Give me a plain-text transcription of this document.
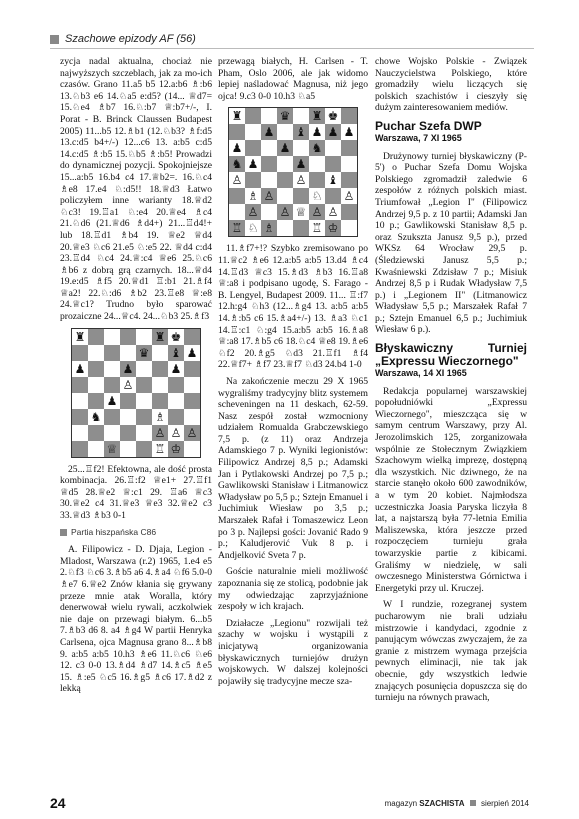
Szachowe epizody AF (56)

zycja nadal aktualna, chociaż nie najwyższych szczeblach, jak za mo-ich czasów. Grano 11.a5 b5 12.a:b6 ♗:b6 13.♘b3 e6 14.♘a5 e:d5? (14... ♕d7= 15.♘e4 ♗b7 16.♘:b7 ♕:b7+/-, I. Porat - B. Brinck Claussen Budapest 2005) 11...b5 12.♗b1 (12.♘b3? ♗f:d5 13.c:d5 b4+/-) 12...c6 13. a:b5 c:d5 14.c:d5 ♗:b5 15.♘b5 ♗:b5! Prowadzi do dynamicznej pozycji. Spokojniejsze 15...a:b5 16.b4 c4 17.♕b2=. 16.♘c4 ♗e8 17.e4 ♘:d5!! 18.♕d3 Łatwo policzyłem inne warianty 18.♕d2 ♘c3! 19.♖a1 ♘:e4 20.♕e4 ♗c4 21.♘d6 (21.♕d6 ♗d4+) 21...♖d4!+ lub 18.♖d1 ♗b4 19. ♕e2 ♕d4 20.♕e3 ♘c6 21.e5 ♘:e5 22. ♕d4 c:d4 23.♖d4 ♘c4 24.♕:c4 ♕e6 25.♘c6 ♗b6 z dobrą grą czarnych. 18...♕d4 19.e:d5 ♗f5 20.♕d1 ♖:b1 21.♗f4 ♕a2! 22.♘:d6 ♗b2 23.♖e8 ♕:e8 24.♕c1? Trudno było sparować prozaiczne 24...♕c4. 24...♘b3 25.♗f3

♜	♜ ♚
♛ ♝ ♟
♟	♟	♟
♙
♟
♞	♗
♙ ♙ ♙
♕	♖ ♔

25...♖f2! Efektowna, ale dość prosta kombinacja. 26.♖:f2 ♕e1+ 27.♖f1 ♕d5 28.♕e2 ♕:c1 29. ♖a6 ♕c3 30.♕e2 c4 31.♕e3 ♕e3 32.♕e2 c3 33.♕d3 ♗b3 0-1

Partia hiszpańska C86

A. Filipowicz - D. Djaja, Legion - Mladost, Warszawa (r.2) 1965, 1.e4 e5 2.♘f3 ♘c6 3.♗b5 a6 4.♗a4 ♘f6 5.0-0 ♗e7 6.♕e2 Znów kłania się grywany przeze mnie atak Woralla, który denerwował wielu rywali, aczkolwiek nie daje on przewagi białym. 6...b5 7.♗b3 d6 8. a4 ♗g4 W partii Henryka Carlsena, ojca Magnusa grano 8...♗b8 9. a:b5 a:b5 10.h3 ♗e6 11.♘c6 ♘e6 12. c3 0-0 13.♗d4 ♗d7 14.♗c5 ♗e5 15. ♗:e5 ♘c5 16.♗g5 ♗c6 17.♗d2 z lekką

przewagą białych, H. Carlsen - T. Pham, Oslo 2006, ale jak widomo lepiej naśladować Magnusa, niż jego ojca! 9.c3 0-0 10.h3 ♘a5

♜	♛ ♜ ♚
♟ ♝ ♟ ♟ ♟
♟	♟ ♞
♞ ♟	♟
♙	♙ ♝
♗ ♙	♘ ♙
♙ ♙ ♕ ♙ ♙
♖ ♘ ♗	♖ ♔

11.♗f7+!? Szybko zremisowano po 11.♕c2 ♗e6 12.a:b5 a:b5 13.d4 ♗c4 14.♖d3 ♕c3 15.♗d3 ♗b3 16.♖a8 ♕:a8 i podpisano ugodę, S. Farago - B. Lengyel, Budapest 2009. 11... ♖:f7 12.h:g4 ♘h3 (12...♗g4 13. a:b5 a:b5 14.♗:b5 c6 15.♗a4+/-) 13. ♗a3 ♘c1 14.♖:c1 ♘:g4 15.a:b5 a:b5 16.♗a8 ♕:a8 17.♗b5 c6 18.♘c4 ♕e8 19.♗e6 ♘f2 20.♗g5 ♘d3 21.♖f1 ♗f4 22.♕f7+ ♗f7 23.♕f7 ♘d3 24.b4 1-0

Na zakończenie meczu 29 X 1965 wygraliśmy tradycyjny blitz systemem scheveningen na 11 deskach, 62-59. Nasz zespół został wzmocniony udziałem Romualda Grabczewskiego 7,5 p. (z 11) oraz Andrzeja Adamskiego 7 p. Wyniki legionistów: Filipowicz Andrzej 8,5 p.; Adamski Jan i Pytlakowski Andrzej po 7,5 p.; Gawlikowski Stanisław i Litmanowicz Władysław po 5,5 p.; Sztejn Emanuel i Juchimiuk Wiesław po 3,5 p.; Marszałek Rafał i Tomaszewicz Leon po 3 p. Najlepsi gości: Jovanić Rado 9 p.; Kaludjerović Vuk 8 p. i Andjelković Sveta 7 p.

Goście naturalnie mieli możliwość zapoznania się ze stolicą, podobnie jak my odwiedzając zaprzyjaźnione zespoły w ich krajach.

Działacze „Legionu" rozwijali też szachy w wojsku i wystąpili z inicjatywą organizowania błyskawicznych turniejów drużyn wojskowych. W dalszej kolejności pojawiły się tradycyjne mecze sza-

chowe Wojsko Polskie - Związek Nauczycielstwa Polskiego, które gromadziły wielu liczących się polskich szachistów i cieszyły się dużym zainteresowaniem mediów.

Puchar Szefa DWP
Warszawa, 7 XI 1965

Drużynowy turniej błyskawiczny (P-5') o Puchar Szefa Domu Wojska Polskiego zgromadził zaledwie 6 zespołów z różnych polskich miast. Triumfował „Legion I" (Filipowicz Andrzej 9,5 p. z 10 partii; Adamski Jan 10 p.; Gawlikowski Stanisław 8,5 p. oraz Szukszta Janusz 9,5 p.), przed WKSz 64 Wrocław 29,5 p. (Śledziewski Janusz 5,5 p.; Kwaśniewski Zdzisław 7 p.; Misiuk Andrzej 8,5 p i Rudak Władysław 7,5 p.) i „Legionem II" (Litmanowicz Władysław 5,5 p.; Marszałek Rafał 7 p.; Sztejn Emanuel 6,5 p.; Juchimiuk Wiesław 6 p.).

Błyskawiczny Turniej „Expressu Wieczornego"
Warszawa, 14 XI 1965

Redakcja popularnej warszawskiej popołudniówki „Expressu Wieczornego", mieszcząca się w samym centrum Warszawy, przy Al. Jerozolimskich 125, zorganizowała wspólnie ze Stołecznym Związkiem Szachowym wielką imprezę, dostępną dla wszystkich. Nic dziwnego, że na starcie stanęło około 600 zawodników, a w tym 20 kobiet. Najmłodsza uczestniczka Joasia Paryska liczyła 8 lat, a najstarszą była 77-letnia Emilia Maliszewska, która jeszcze przed rozpoczęciem turnieju grała towarzyskie partie z kibicami. Graliśmy w niedzielę, w sali owczesnego Ministerstwa Górnictwa i Energetyki przy ul. Kruczej.

W I rundzie, rozegranej system pucharowym nie brali udziału mistrzowie i kandydaci, zgodnie z panującym wówczas zwyczajem, że za granie z mistrzem wymaga przejścia pewnych eliminacji, nie tak jak obecnie, gdy wszystkich ledwie znających posunięcia dopuszcza się do turnieju na równych prawach,

24	magazyn SZACHISTA sierpień 2014
